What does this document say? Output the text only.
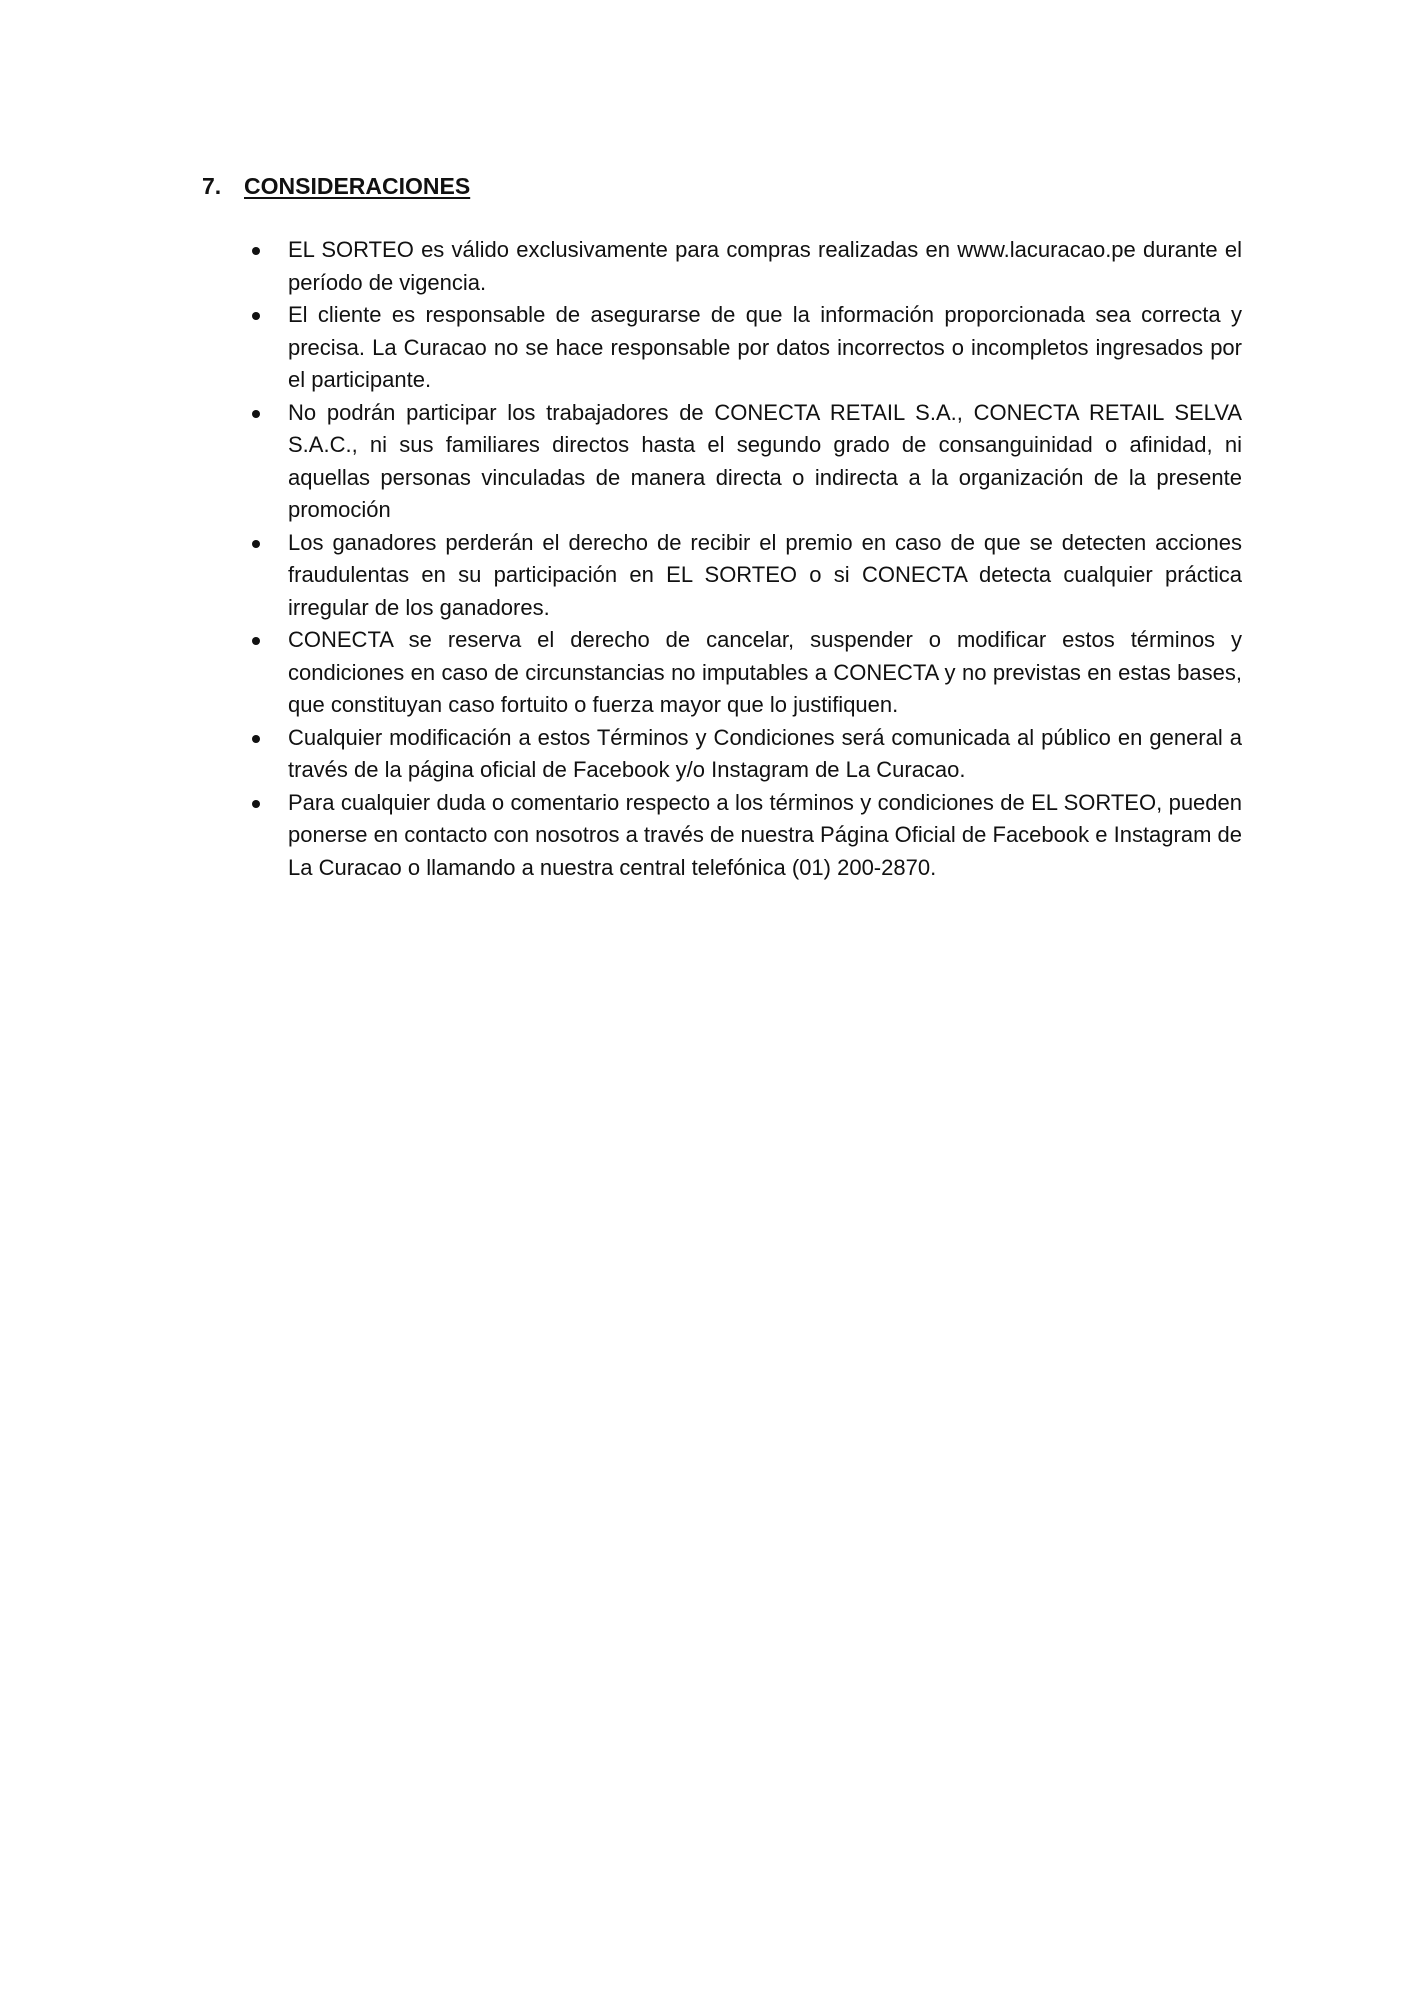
7. CONSIDERACIONES
EL SORTEO es válido exclusivamente para compras realizadas en www.lacuracao.pe durante el período de vigencia.
El cliente es responsable de asegurarse de que la información proporcionada sea correcta y precisa. La Curacao no se hace responsable por datos incorrectos o incompletos ingresados por el participante.
No podrán participar los trabajadores de CONECTA RETAIL S.A., CONECTA RETAIL SELVA S.A.C., ni sus familiares directos hasta el segundo grado de consanguinidad o afinidad, ni aquellas personas vinculadas de manera directa o indirecta a la organización de la presente promoción
Los ganadores perderán el derecho de recibir el premio en caso de que se detecten acciones fraudulentas en su participación en EL SORTEO o si CONECTA detecta cualquier práctica irregular de los ganadores.
CONECTA se reserva el derecho de cancelar, suspender o modificar estos términos y condiciones en caso de circunstancias no imputables a CONECTA y no previstas en estas bases, que constituyan caso fortuito o fuerza mayor que lo justifiquen.
Cualquier modificación a estos Términos y Condiciones será comunicada al público en general a través de la página oficial de Facebook y/o Instagram de La Curacao.
Para cualquier duda o comentario respecto a los términos y condiciones de EL SORTEO, pueden ponerse en contacto con nosotros a través de nuestra Página Oficial de Facebook e Instagram de La Curacao o llamando a nuestra central telefónica (01) 200-2870.
